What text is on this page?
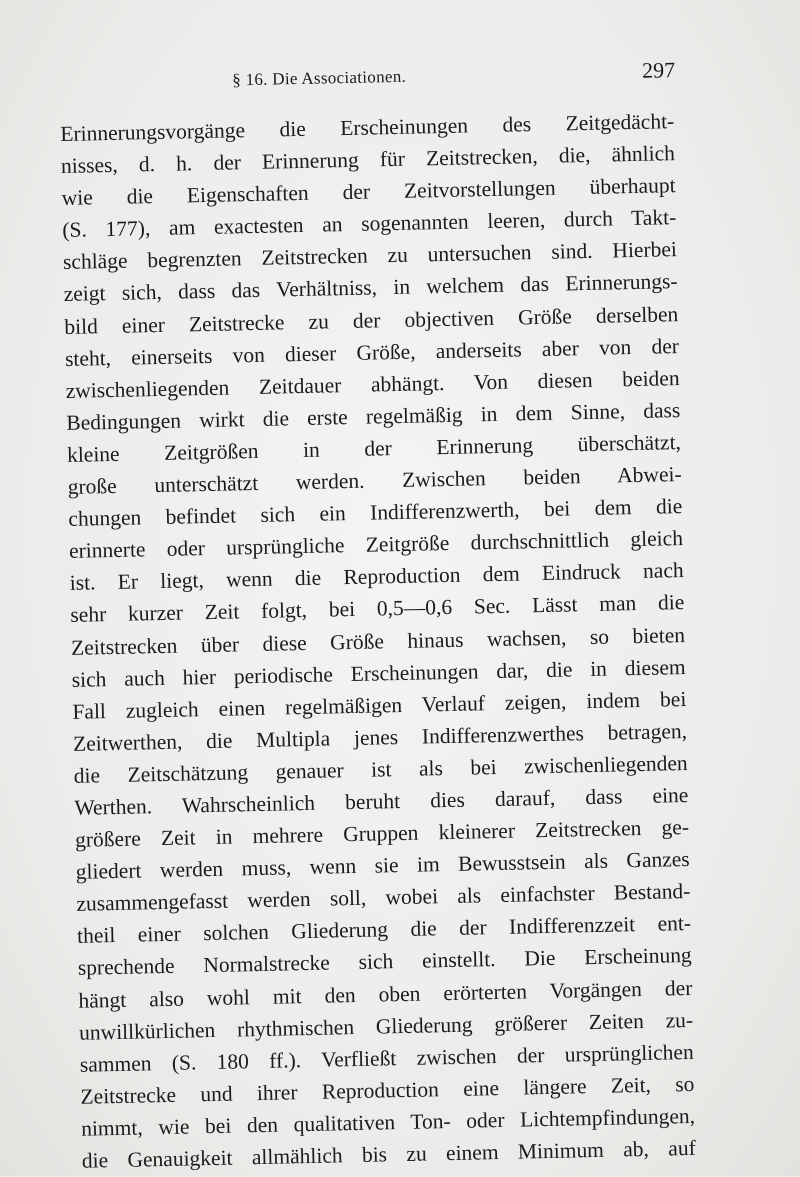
§ 16. Die Associationen.	297
Erinnerungsvorgänge die Erscheinungen des Zeitgedächt-
nisses, d. h. der Erinnerung für Zeitstrecken, die, ähnlich
wie die Eigenschaften der Zeitvorstellungen überhaupt
(S. 177), am exactesten an sogenannten leeren, durch Takt-
schläge begrenzten Zeitstrecken zu untersuchen sind. Hierbei
zeigt sich, dass das Verhältniss, in welchem das Erinnerungs-
bild einer Zeitstrecke zu der objectiven Größe derselben
steht, einerseits von dieser Größe, anderseits aber von der
zwischenliegenden Zeitdauer abhängt. Von diesen beiden
Bedingungen wirkt die erste regelmäßig in dem Sinne, dass
kleine Zeitgrößen in der Erinnerung überschätzt,
große unterschätzt werden. Zwischen beiden Abwei-
chungen befindet sich ein Indifferenzwerth, bei dem die
erinnerte oder ursprüngliche Zeitgröße durchschnittlich gleich
ist. Er liegt, wenn die Reproduction dem Eindruck nach
sehr kurzer Zeit folgt, bei 0,5—0,6 Sec. Lässt man die
Zeitstrecken über diese Größe hinaus wachsen, so bieten
sich auch hier periodische Erscheinungen dar, die in diesem
Fall zugleich einen regelmäßigen Verlauf zeigen, indem bei
Zeitwerthen, die Multipla jenes Indifferenzwerthes betragen,
die Zeitschätzung genauer ist als bei zwischenliegenden
Werthen. Wahrscheinlich beruht dies darauf, dass eine
größere Zeit in mehrere Gruppen kleinerer Zeitstrecken ge-
gliedert werden muss, wenn sie im Bewusstsein als Ganzes
zusammengefasst werden soll, wobei als einfachster Bestand-
theil einer solchen Gliederung die der Indifferenzzeit ent-
sprechende Normalstrecke sich einstellt. Die Erscheinung
hängt also wohl mit den oben erörterten Vorgängen der
unwillkürlichen rhythmischen Gliederung größerer Zeiten zu-
sammen (S. 180 ff.). Verfließt zwischen der ursprünglichen
Zeitstrecke und ihrer Reproduction eine längere Zeit, so
nimmt, wie bei den qualitativen Ton- oder Lichtempfindungen,
die Genauigkeit allmählich bis zu einem Minimum ab, auf
